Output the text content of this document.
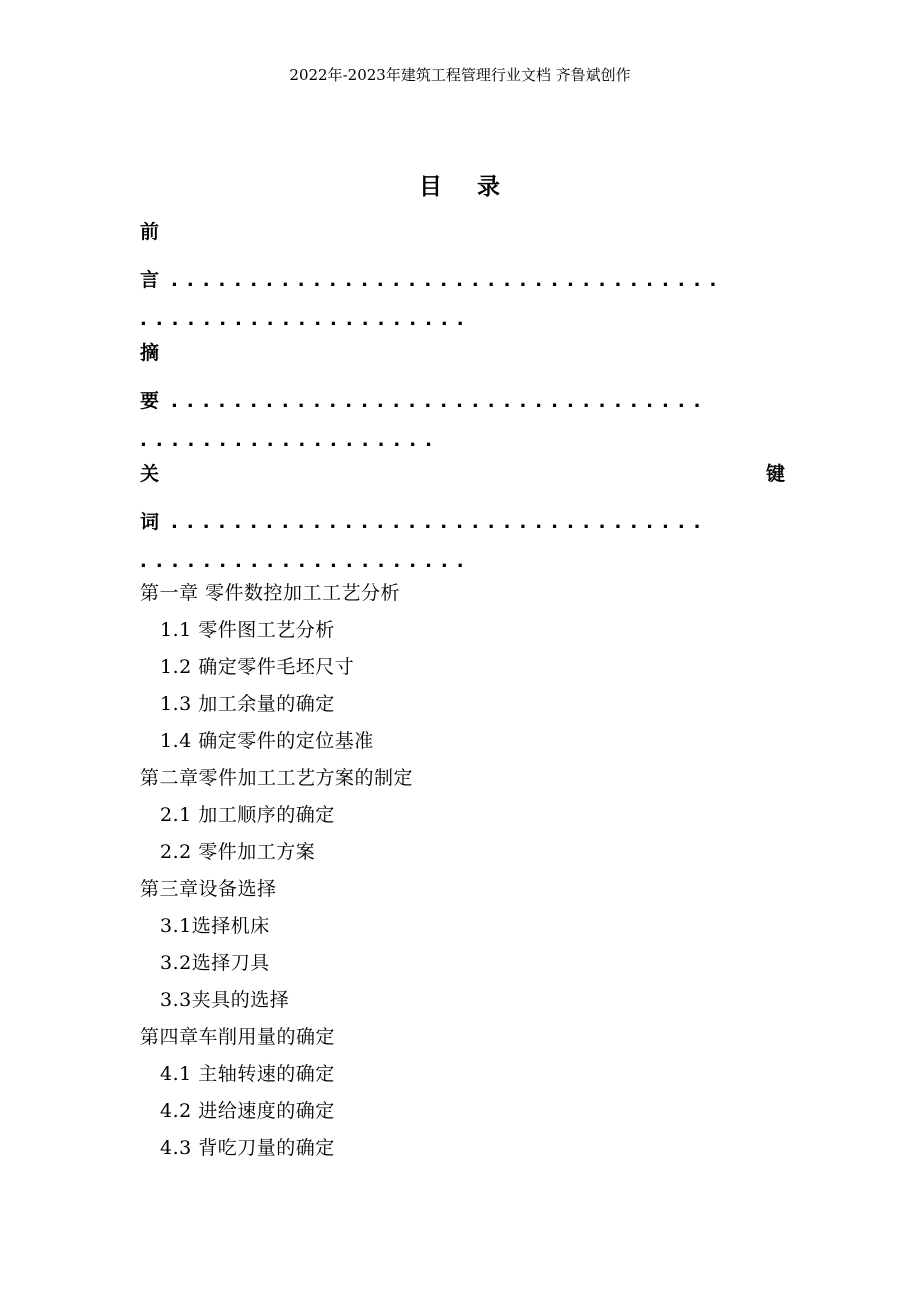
2022年-2023年建筑工程管理行业文档 齐鲁斌创作
目 录
前
言 ...................................
.....................
摘
要 ..................................
...................
关	键
词 ..................................
.....................
第一章 零件数控加工工艺分析
1.1 零件图工艺分析
1.2 确定零件毛坯尺寸
1.3 加工余量的确定
1.4 确定零件的定位基准
第二章零件加工工艺方案的制定
2.1 加工顺序的确定
2.2 零件加工方案
第三章设备选择
3.1选择机床
3.2选择刀具
3.3夹具的选择
第四章车削用量的确定
4.1 主轴转速的确定
4.2 进给速度的确定
4.3 背吃刀量的确定
